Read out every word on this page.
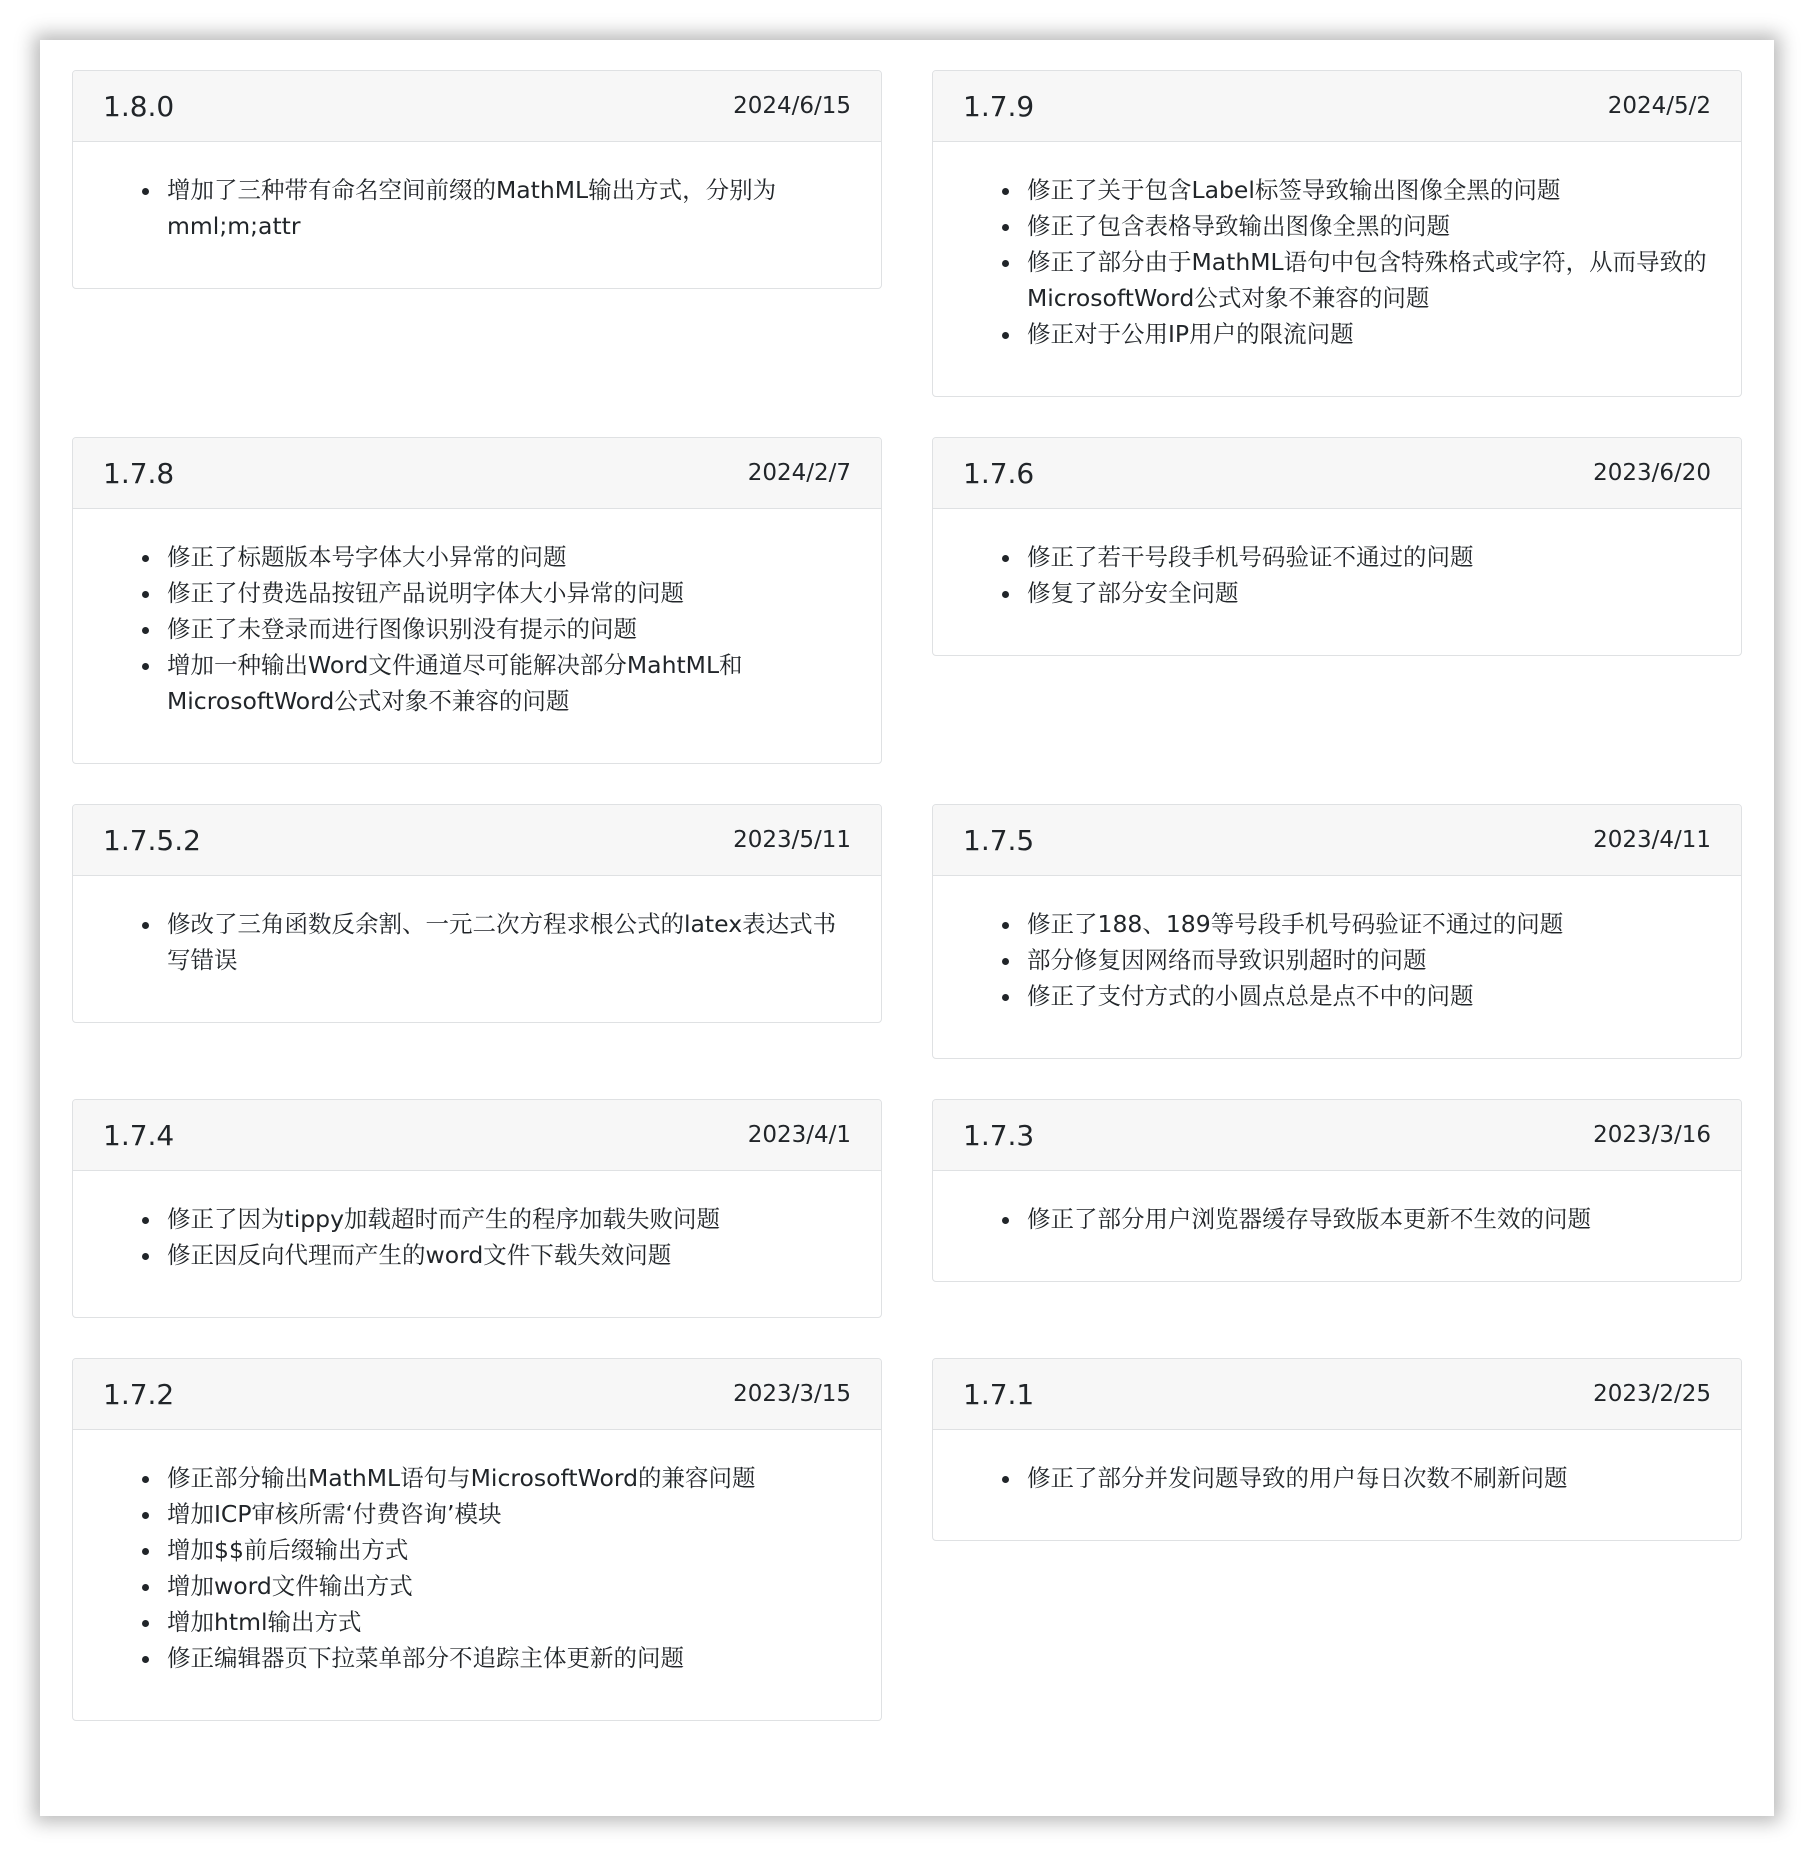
1.8.0	2024/6/15
• 增加了三种带有命名空间前缀的MathML输出方式，分别为mml;m;attr
1.7.9	2024/5/2
• 修正了关于包含Label标签导致输出图像全黑的问题
• 修正了包含表格导致输出图像全黑的问题
• 修正了部分由于MathML语句中包含特殊格式或字符，从而导致的MicrosoftWord公式对象不兼容的问题
• 修正对于公用IP用户的限流问题
1.7.8	2024/2/7
• 修正了标题版本号字体大小异常的问题
• 修正了付费选品按钮产品说明字体大小异常的问题
• 修正了未登录而进行图像识别没有提示的问题
• 增加一种输出Word文件通道尽可能解决部分MahtML和MicrosoftWord公式对象不兼容的问题
1.7.6	2023/6/20
• 修正了若干号段手机号码验证不通过的问题
• 修复了部分安全问题
1.7.5.2	2023/5/11
• 修改了三角函数反余割、一元二次方程求根公式的latex表达式书写错误
1.7.5	2023/4/11
• 修正了188、189等号段手机号码验证不通过的问题
• 部分修复因网络而导致识别超时的问题
• 修正了支付方式的小圆点总是点不中的问题
1.7.4	2023/4/1
• 修正了因为tippy加载超时而产生的程序加载失败问题
• 修正因反向代理而产生的word文件下载失效问题
1.7.3	2023/3/16
• 修正了部分用户浏览器缓存导致版本更新不生效的问题
1.7.2	2023/3/15
• 修正部分输出MathML语句与MicrosoftWord的兼容问题
• 增加ICP审核所需‘付费咨询’模块
• 增加$$前后缀输出方式
• 增加word文件输出方式
• 增加html输出方式
• 修正编辑器页下拉菜单部分不追踪主体更新的问题
1.7.1	2023/2/25
• 修正了部分并发问题导致的用户每日次数不刷新问题
